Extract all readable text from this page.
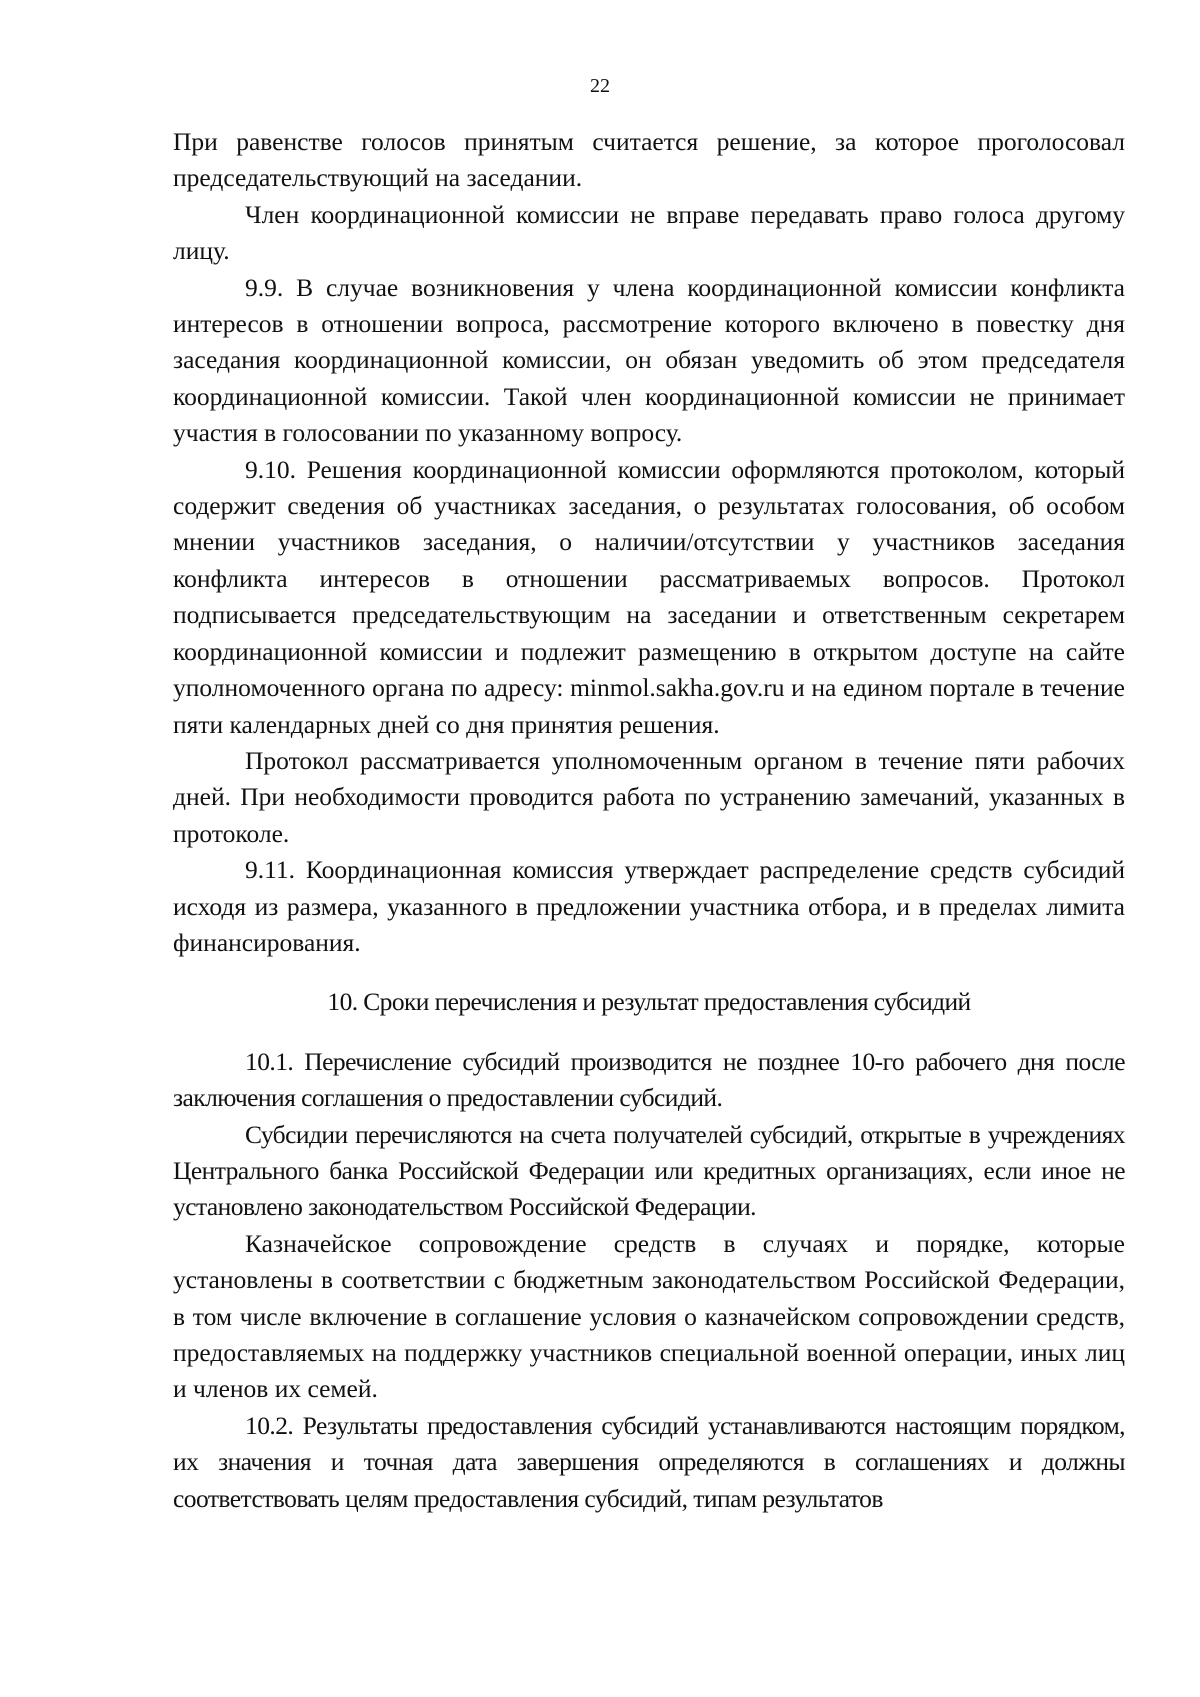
22

При равенстве голосов принятым считается решение, за которое проголосовал председательствующий на заседании.

Член координационной комиссии не вправе передавать право голоса другому лицу.

9.9. В случае возникновения у члена координационной комиссии конфликта интересов в отношении вопроса, рассмотрение которого включено в повестку дня заседания координационной комиссии, он обязан уведомить об этом председателя координационной комиссии. Такой член координационной комиссии не принимает участия в голосовании по указанному вопросу.

9.10. Решения координационной комиссии оформляются протоколом, который содержит сведения об участниках заседания, о результатах голосования, об особом мнении участников заседания, о наличии/отсутствии у участников заседания конфликта интересов в отношении рассматриваемых вопросов. Протокол подписывается председательствующим на заседании и ответственным секретарем координационной комиссии и подлежит размещению в открытом доступе на сайте уполномоченного органа по адресу: minmol.sakha.gov.ru и на едином портале в течение пяти календарных дней со дня принятия решения.

Протокол рассматривается уполномоченным органом в течение пяти рабочих дней. При необходимости проводится работа по устранению замечаний, указанных в протоколе.

9.11. Координационная комиссия утверждает распределение средств субсидий исходя из размера, указанного в предложении участника отбора, и в пределах лимита финансирования.

10. Сроки перечисления и результат предоставления субсидий

10.1. Перечисление субсидий производится не позднее 10-го рабочего дня после заключения соглашения о предоставлении субсидий.

Субсидии перечисляются на счета получателей субсидий, открытые в учреждениях Центрального банка Российской Федерации или кредитных организациях, если иное не установлено законодательством Российской Федерации.

Казначейское сопровождение средств в случаях и порядке, которые установлены в соответствии с бюджетным законодательством Российской Федерации, в том числе включение в соглашение условия о казначейском сопровождении средств, предоставляемых на поддержку участников специальной военной операции, иных лиц и членов их семей.

10.2. Результаты предоставления субсидий устанавливаются настоящим порядком, их значения и точная дата завершения определяются в соглашениях и должны соответствовать целям предоставления субсидий, типам результатов
